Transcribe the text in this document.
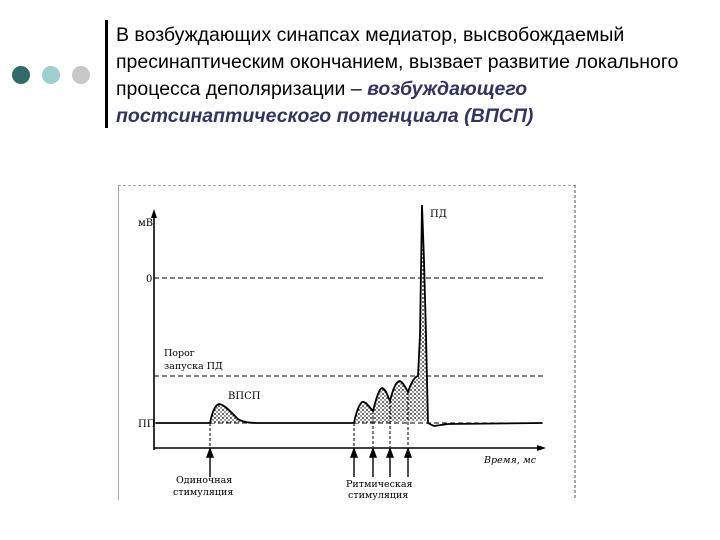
В возбуждающих синапсах медиатор, высвобождаемый пресинаптическим окончанием, вызвает развитие локального процесса деполяризации – возбуждающего постсинаптического потенциала (ВПСП)
мВ
0
Порог
запуска ПД
ПП
ВПСП
ПД
Время, мс
Одиночная
стимуляция
Ритмическая
стимуляция
